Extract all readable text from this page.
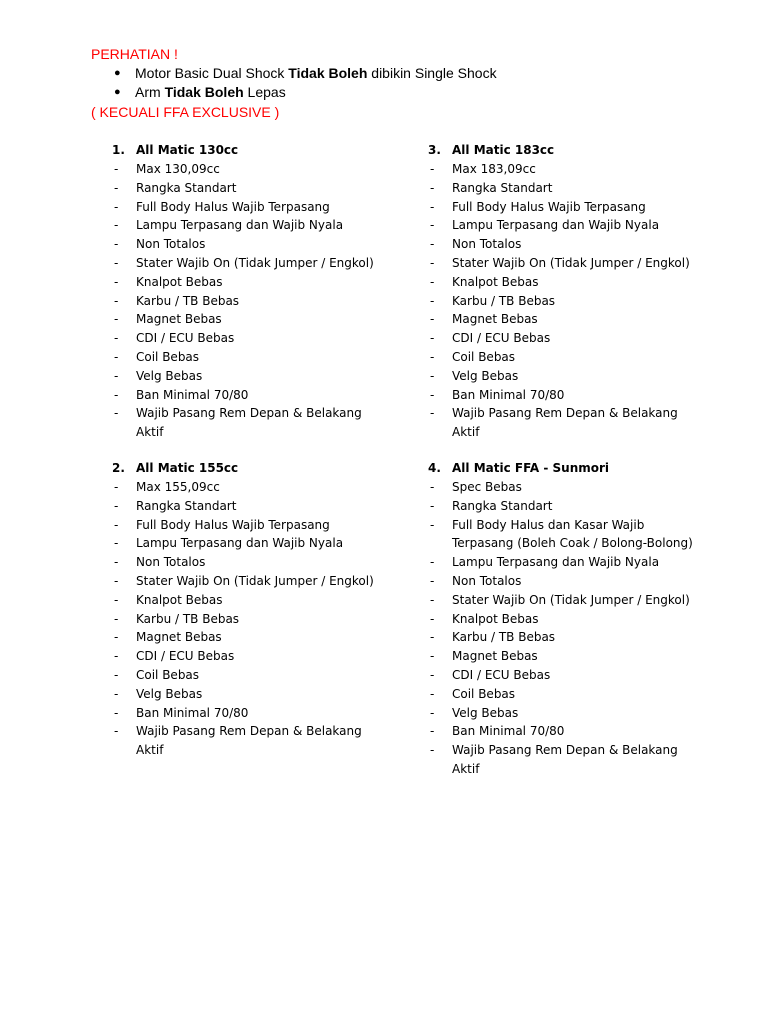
PERHATIAN !
● Motor Basic Dual Shock Tidak Boleh dibikin Single Shock
● Arm Tidak Boleh Lepas
( KECUALI FFA EXCLUSIVE )
1. All Matic 130cc
- Max 130,09cc
- Rangka Standart
- Full Body Halus Wajib Terpasang
- Lampu Terpasang dan Wajib Nyala
- Non Totalos
- Stater Wajib On (Tidak Jumper / Engkol)
- Knalpot Bebas
- Karbu / TB Bebas
- Magnet Bebas
- CDI / ECU Bebas
- Coil Bebas
- Velg Bebas
- Ban Minimal 70/80
- Wajib Pasang Rem Depan & Belakang Aktif
3. All Matic 183cc
- Max 183,09cc
- Rangka Standart
- Full Body Halus Wajib Terpasang
- Lampu Terpasang dan Wajib Nyala
- Non Totalos
- Stater Wajib On (Tidak Jumper / Engkol)
- Knalpot Bebas
- Karbu / TB Bebas
- Magnet Bebas
- CDI / ECU Bebas
- Coil Bebas
- Velg Bebas
- Ban Minimal 70/80
- Wajib Pasang Rem Depan & Belakang Aktif
2. All Matic 155cc
- Max 155,09cc
- Rangka Standart
- Full Body Halus Wajib Terpasang
- Lampu Terpasang dan Wajib Nyala
- Non Totalos
- Stater Wajib On (Tidak Jumper / Engkol)
- Knalpot Bebas
- Karbu / TB Bebas
- Magnet Bebas
- CDI / ECU Bebas
- Coil Bebas
- Velg Bebas
- Ban Minimal 70/80
- Wajib Pasang Rem Depan & Belakang Aktif
4. All Matic FFA - Sunmori
- Spec Bebas
- Rangka Standart
- Full Body Halus dan Kasar Wajib Terpasang (Boleh Coak / Bolong-Bolong)
- Lampu Terpasang dan Wajib Nyala
- Non Totalos
- Stater Wajib On (Tidak Jumper / Engkol)
- Knalpot Bebas
- Karbu / TB Bebas
- Magnet Bebas
- CDI / ECU Bebas
- Coil Bebas
- Velg Bebas
- Ban Minimal 70/80
- Wajib Pasang Rem Depan & Belakang Aktif
